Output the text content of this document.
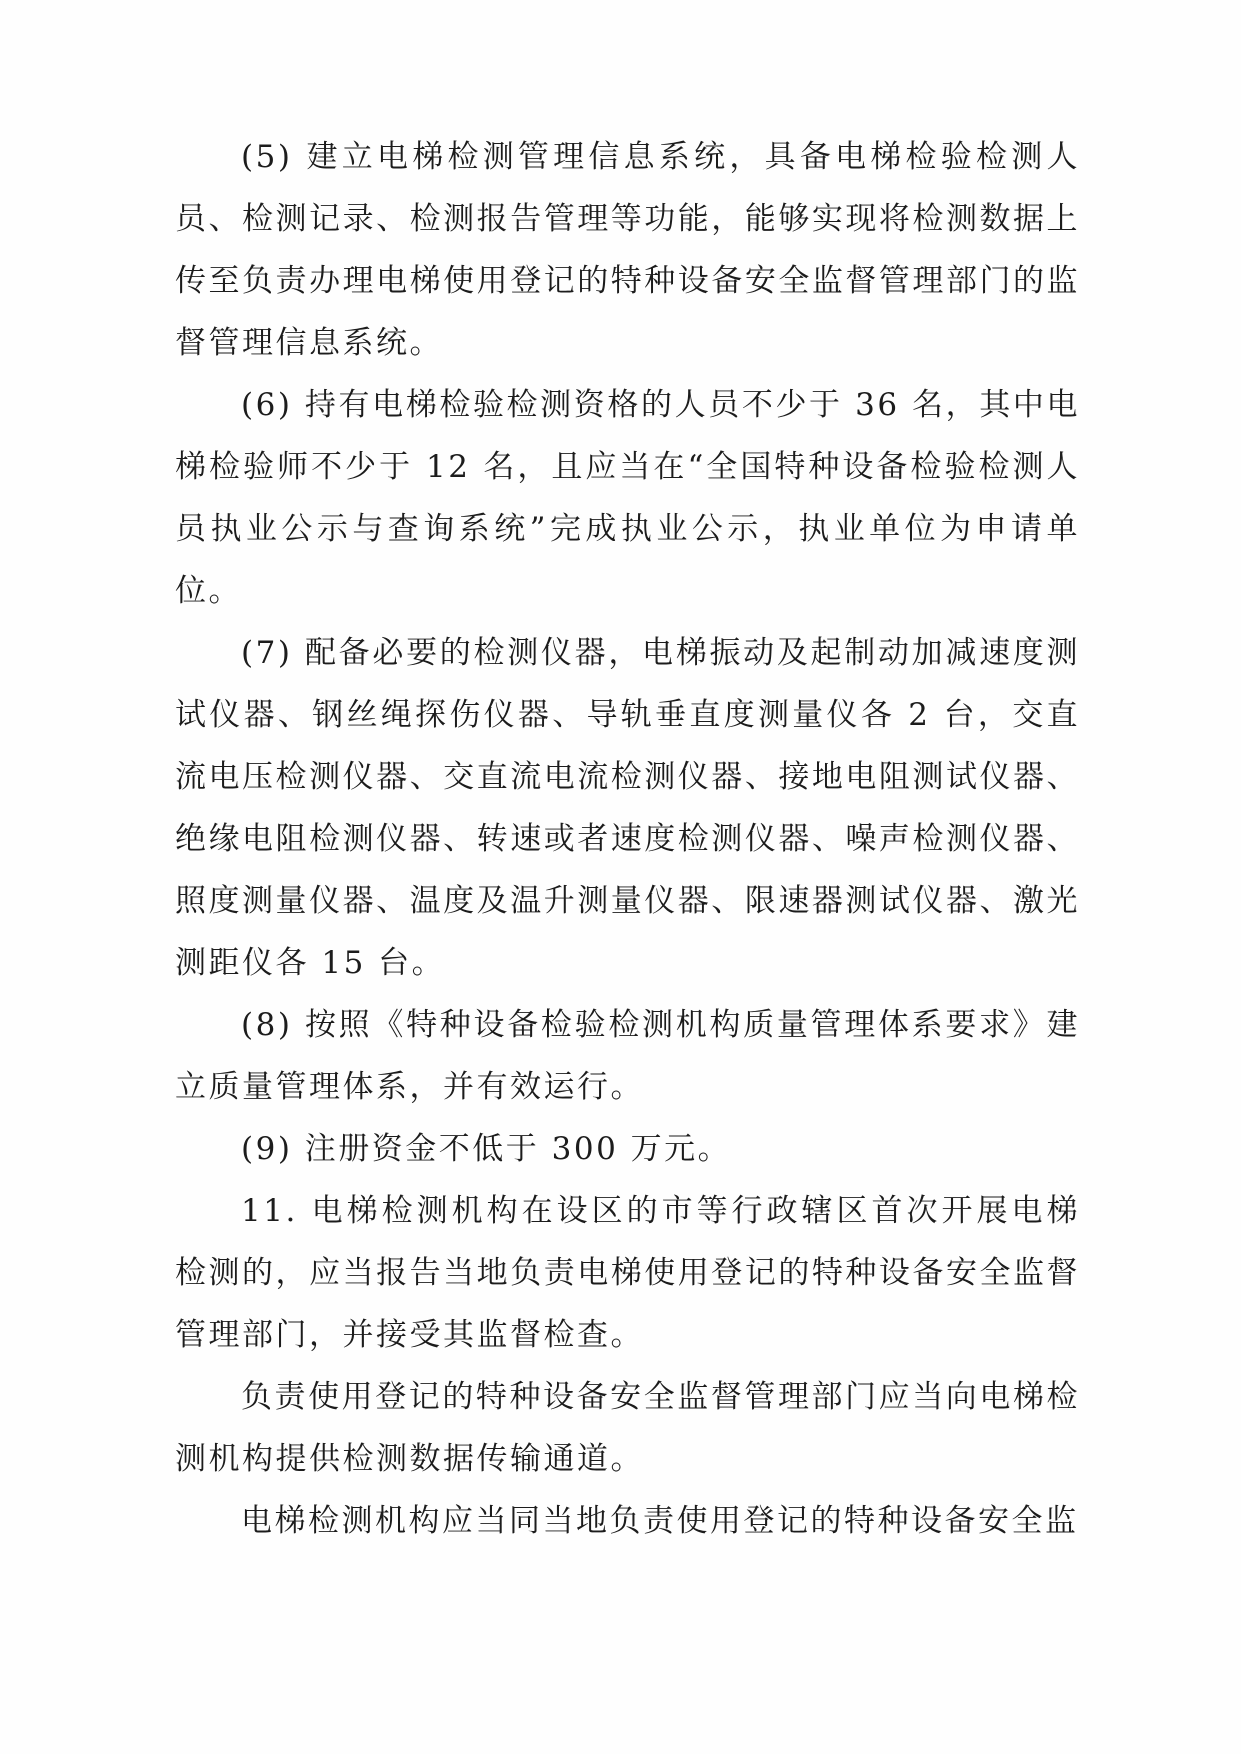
(5) 建立电梯检测管理信息系统，具备电梯检验检测人员、检测记录、检测报告管理等功能，能够实现将检测数据上传至负责办理电梯使用登记的特种设备安全监督管理部门的监督管理信息系统。

(6) 持有电梯检验检测资格的人员不少于 36 名，其中电梯检验师不少于 12 名，且应当在“全国特种设备检验检测人员执业公示与查询系统”完成执业公示，执业单位为申请单位。

(7) 配备必要的检测仪器，电梯振动及起制动加减速度测试仪器、钢丝绳探伤仪器、导轨垂直度测量仪各 2 台，交直流电压检测仪器、交直流电流检测仪器、接地电阻测试仪器、绝缘电阻检测仪器、转速或者速度检测仪器、噪声检测仪器、照度测量仪器、温度及温升测量仪器、限速器测试仪器、激光测距仪各 15 台。

(8) 按照《特种设备检验检测机构质量管理体系要求》建立质量管理体系，并有效运行。

(9) 注册资金不低于 300 万元。

11. 电梯检测机构在设区的市等行政辖区首次开展电梯检测的，应当报告当地负责电梯使用登记的特种设备安全监督管理部门，并接受其监督检查。

负责使用登记的特种设备安全监督管理部门应当向电梯检测机构提供检测数据传输通道。

电梯检测机构应当同当地负责使用登记的特种设备安全监
